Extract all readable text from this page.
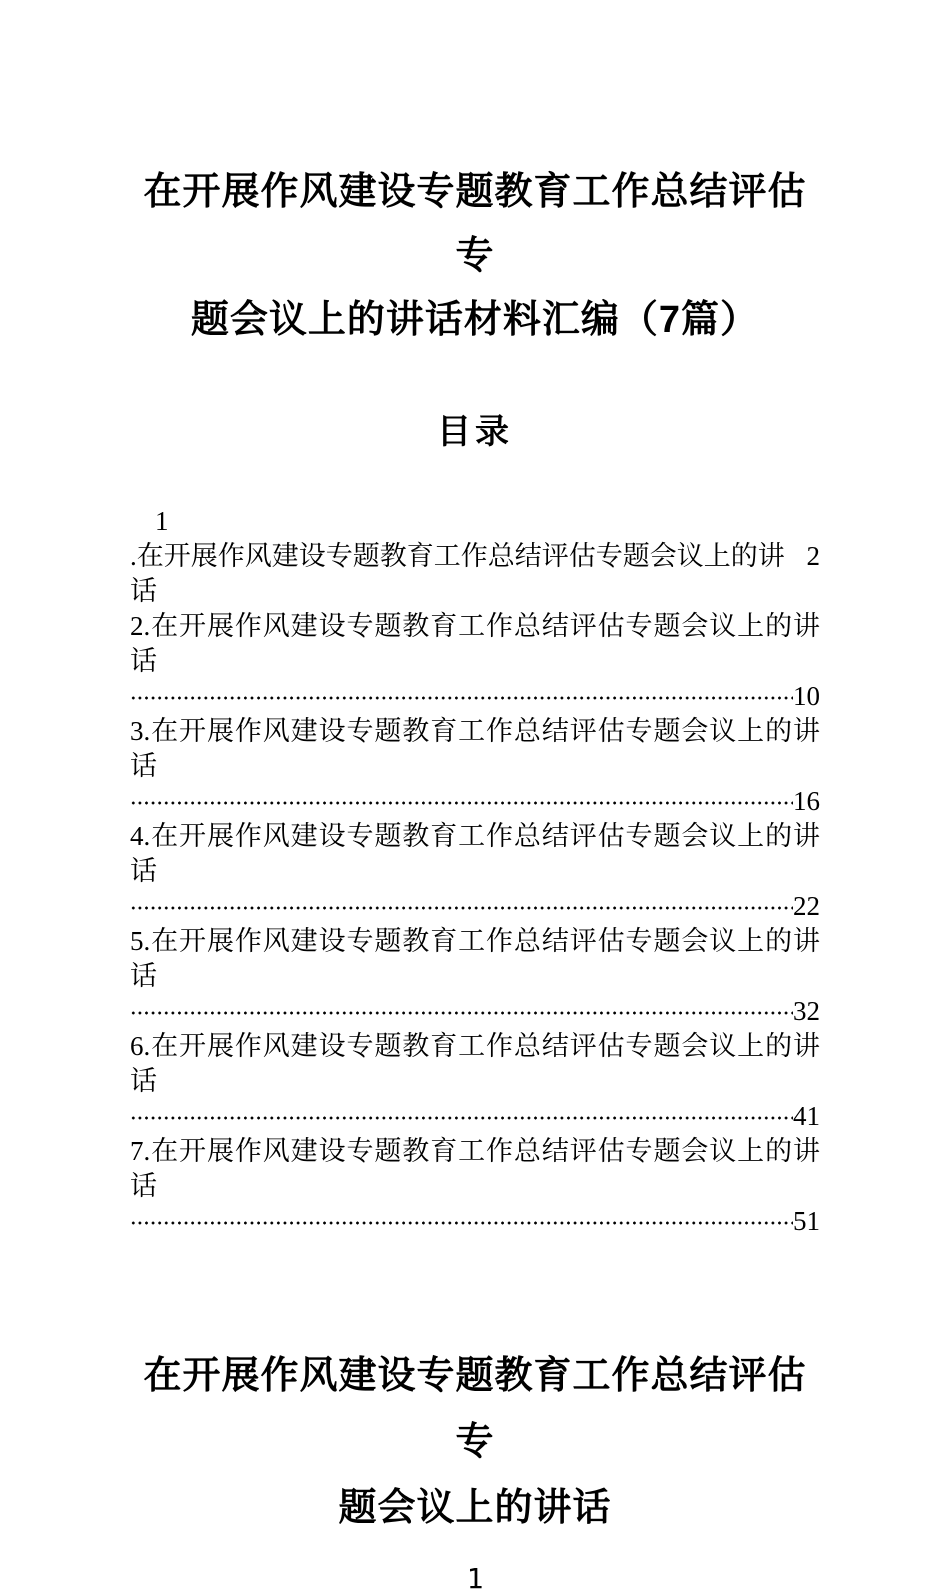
在开展作风建设专题教育工作总结评估专
题会议上的讲话材料汇编（7篇）
目录
1
.在开展作风建设专题教育工作总结评估专题会议上的讲话
2
2.在开展作风建设专题教育工作总结评估专题会议上的讲话
10
3.在开展作风建设专题教育工作总结评估专题会议上的讲话
16
4.在开展作风建设专题教育工作总结评估专题会议上的讲话
22
5.在开展作风建设专题教育工作总结评估专题会议上的讲话
32
6.在开展作风建设专题教育工作总结评估专题会议上的讲话
41
7.在开展作风建设专题教育工作总结评估专题会议上的讲话
51
在开展作风建设专题教育工作总结评估专
题会议上的讲话
1
